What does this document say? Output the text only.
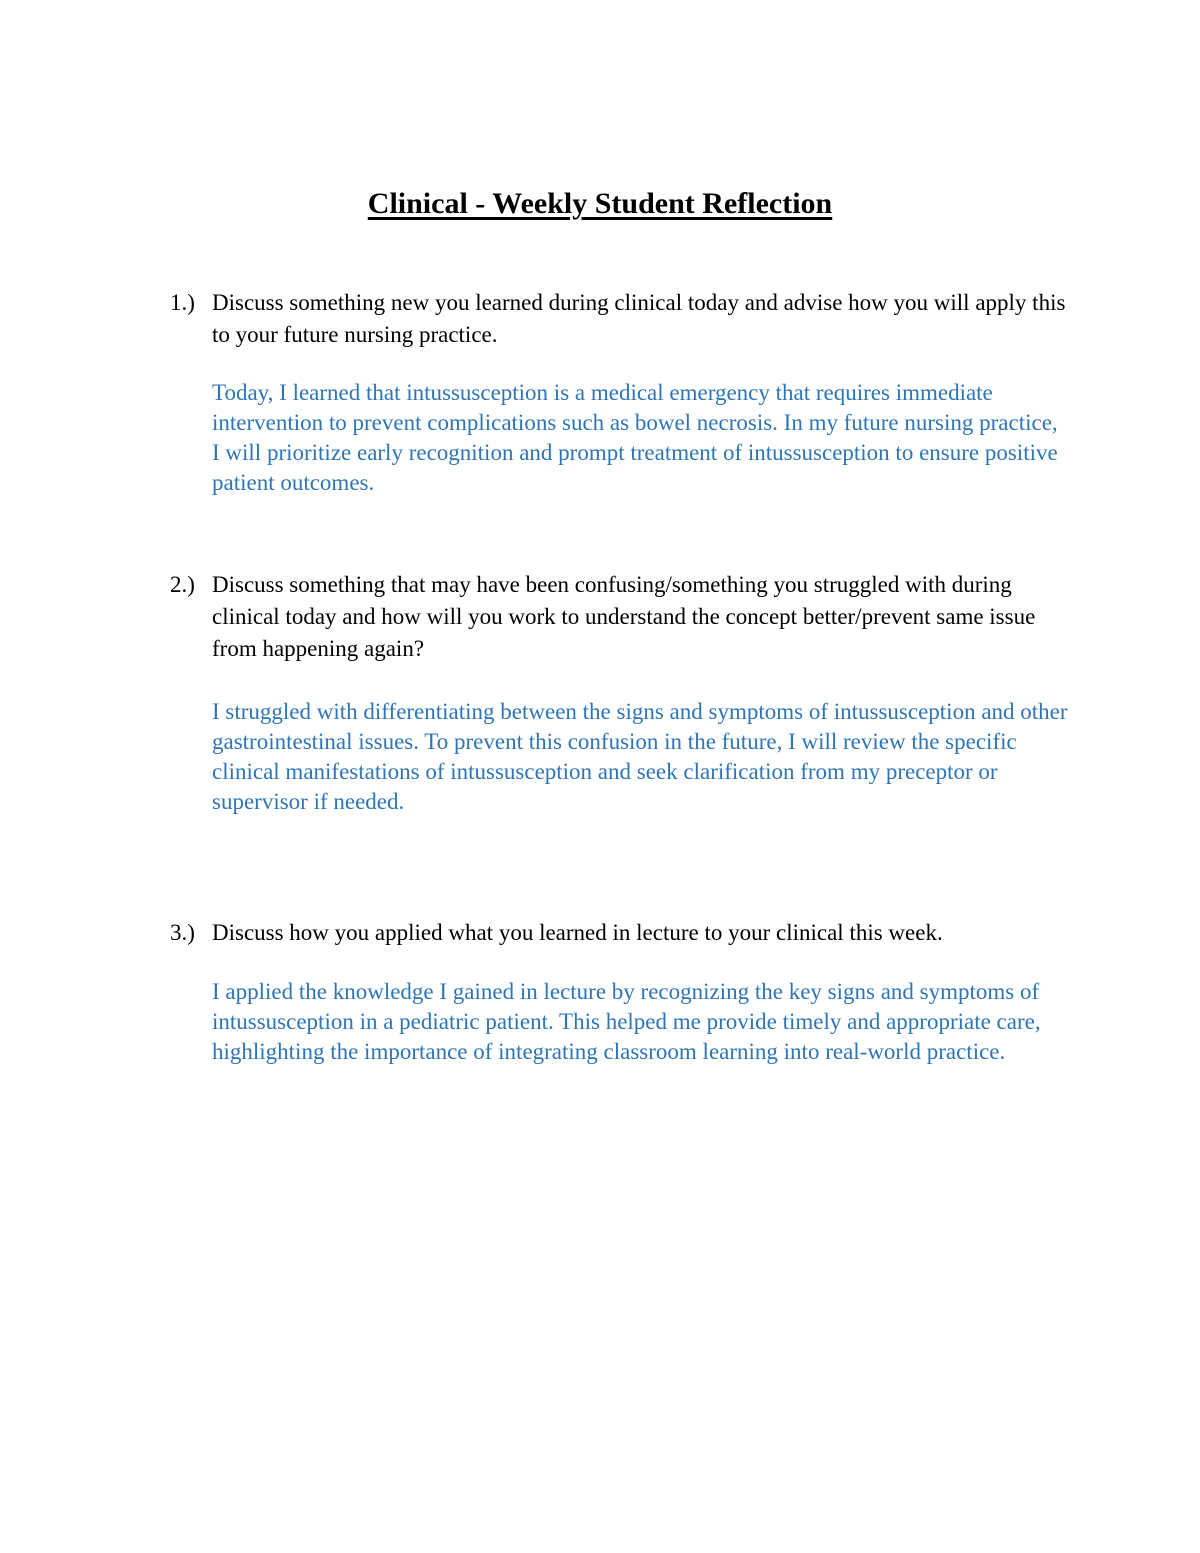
Clinical - Weekly Student Reflection
1.) Discuss something new you learned during clinical today and advise how you will apply this to your future nursing practice.

Today, I learned that intussusception is a medical emergency that requires immediate intervention to prevent complications such as bowel necrosis. In my future nursing practice, I will prioritize early recognition and prompt treatment of intussusception to ensure positive patient outcomes.

2.) Discuss something that may have been confusing/something you struggled with during clinical today and how will you work to understand the concept better/prevent same issue from happening again?

I struggled with differentiating between the signs and symptoms of intussusception and other gastrointestinal issues. To prevent this confusion in the future, I will review the specific clinical manifestations of intussusception and seek clarification from my preceptor or supervisor if needed.

3.) Discuss how you applied what you learned in lecture to your clinical this week.

I applied the knowledge I gained in lecture by recognizing the key signs and symptoms of intussusception in a pediatric patient. This helped me provide timely and appropriate care, highlighting the importance of integrating classroom learning into real-world practice.
